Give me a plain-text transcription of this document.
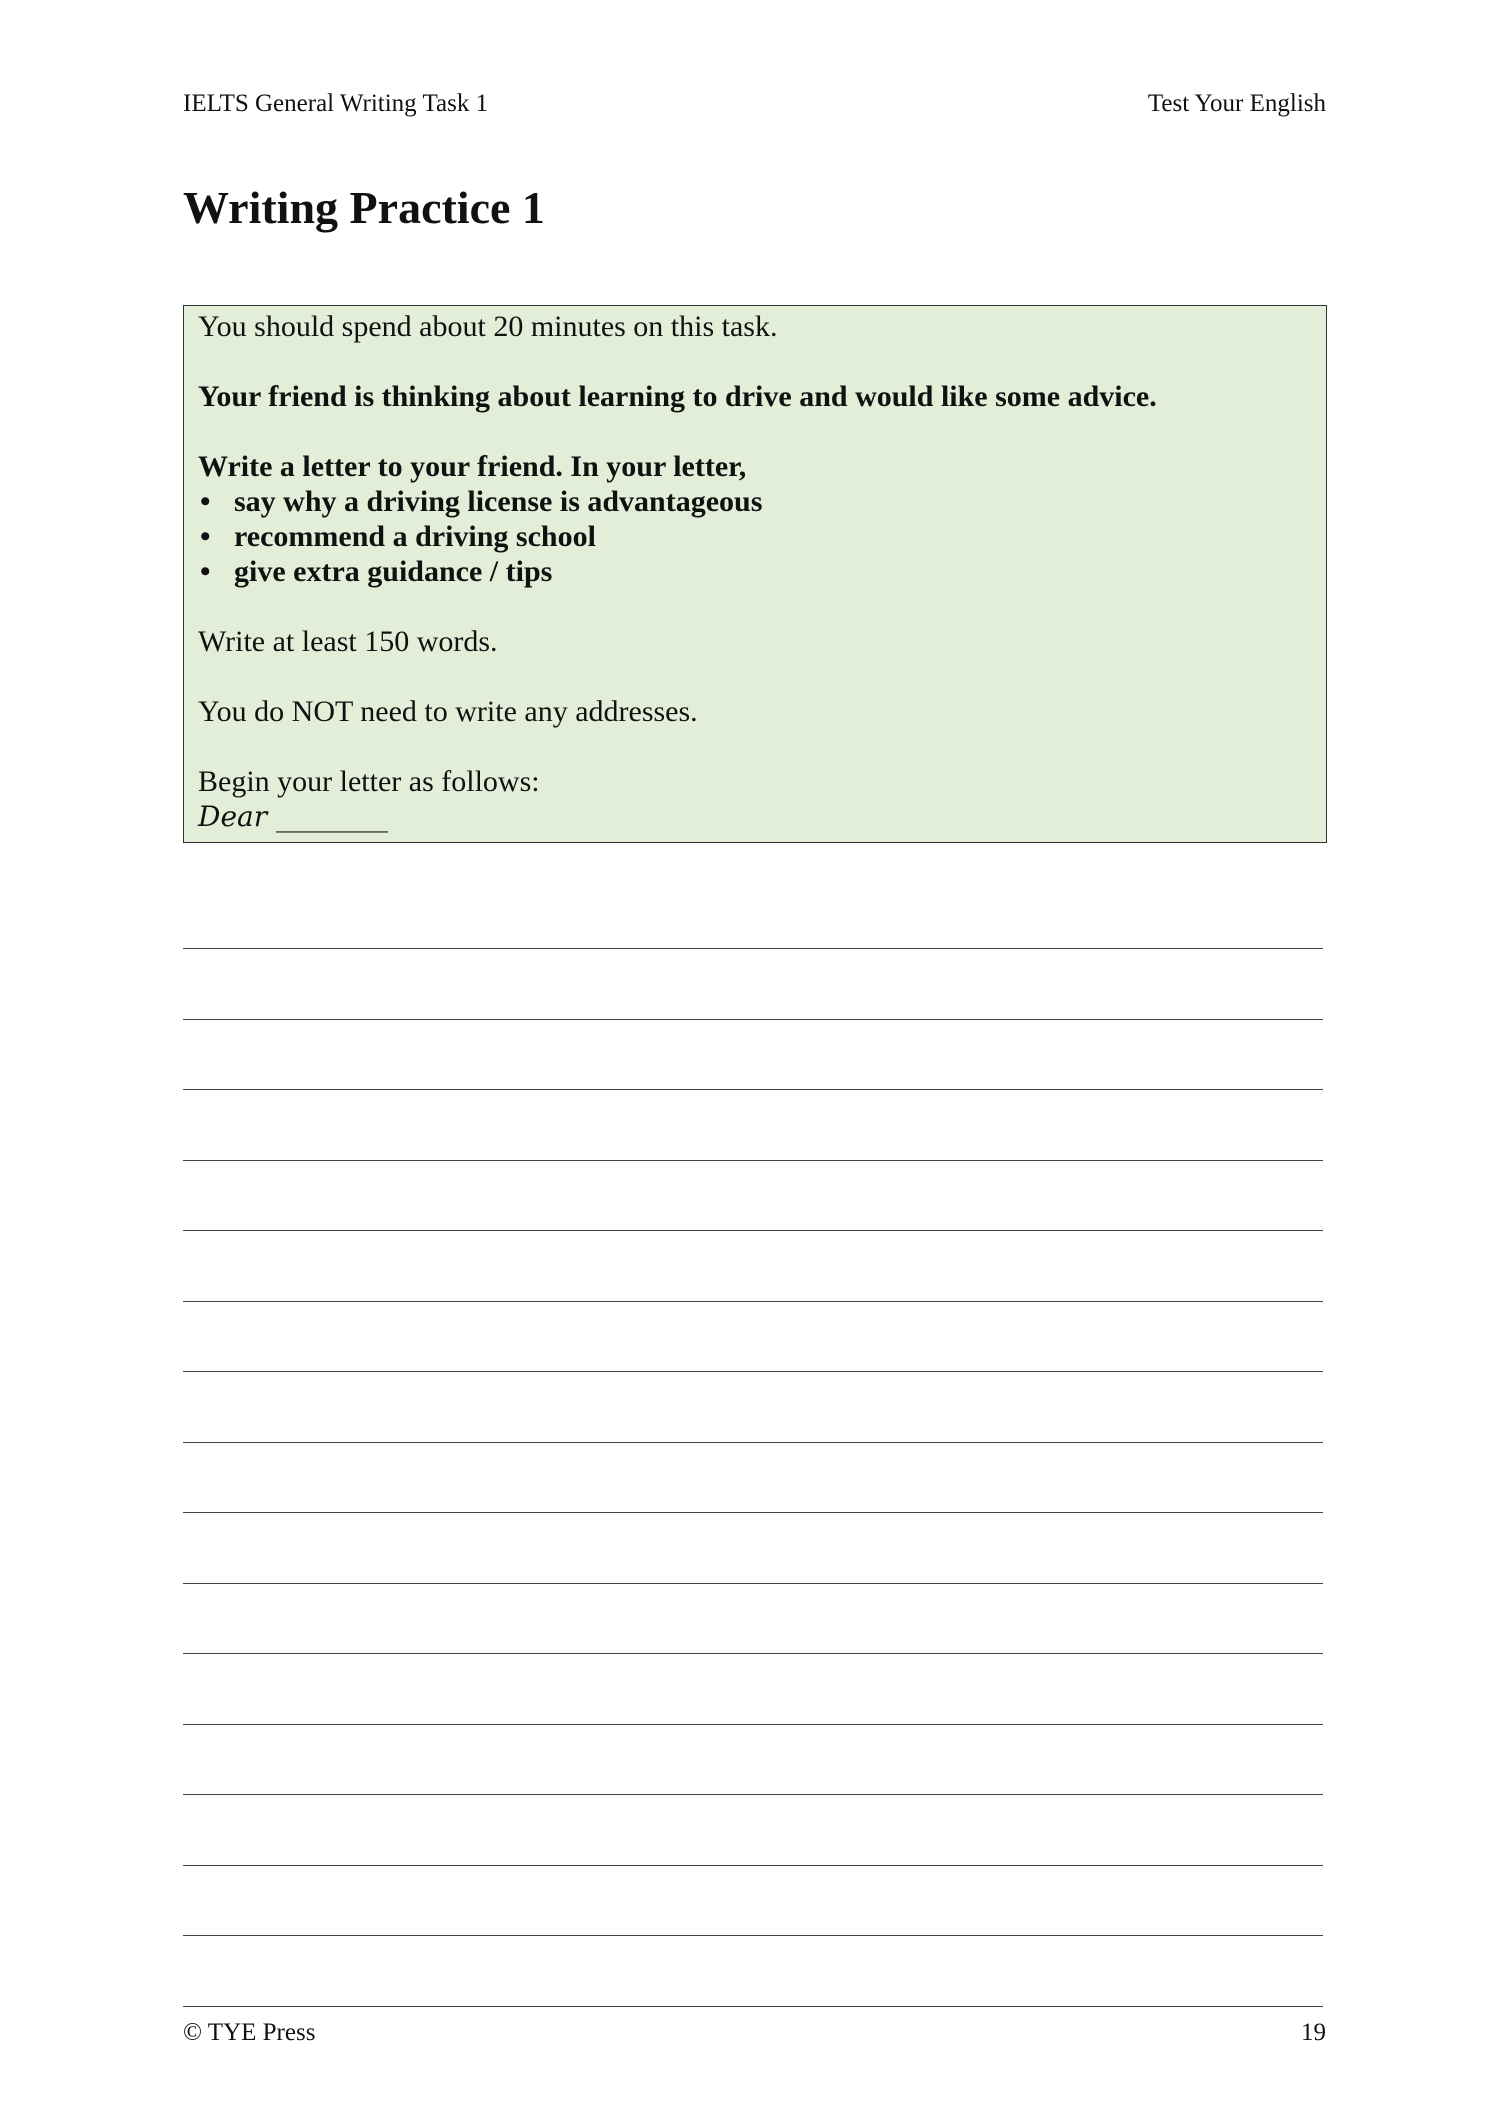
IELTS General Writing Task 1	Test Your English
Writing Practice 1

You should spend about 20 minutes on this task.

Your friend is thinking about learning to drive and would like some advice.

Write a letter to your friend. In your letter,

• say why a driving license is advantageous
• recommend a driving school
• give extra guidance / tips

Write at least 150 words.

You do NOT need to write any addresses.

Begin your letter as follows:

Dear ________

© TYE Press	19
